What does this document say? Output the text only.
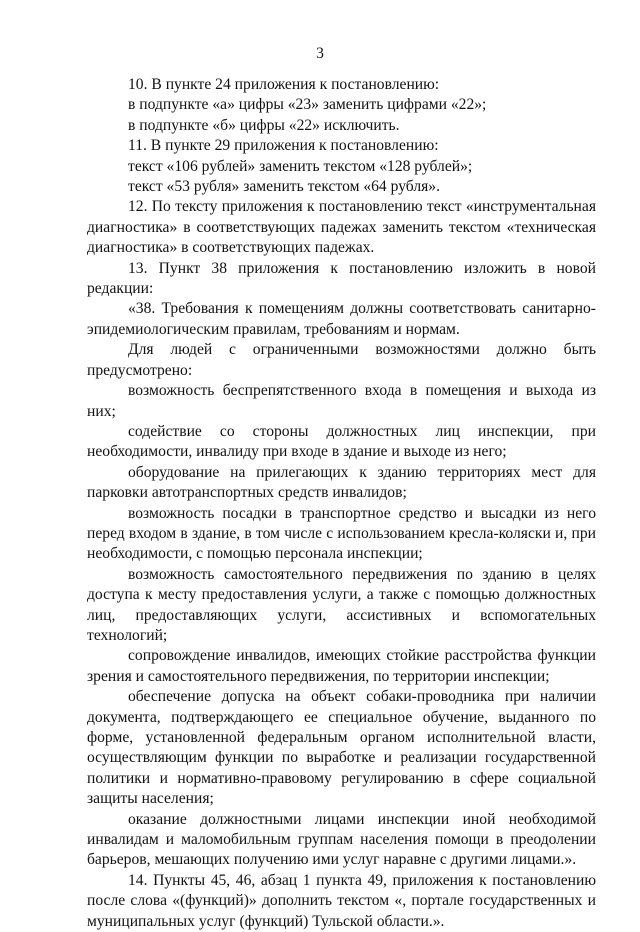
3

10. В пункте 24 приложения к постановлению:

в подпункте «а» цифры «23» заменить цифрами «22»;

в подпункте «б» цифры «22» исключить.

11. В пункте 29 приложения к постановлению:

текст «106 рублей» заменить текстом «128 рублей»;

текст «53 рубля» заменить текстом «64 рубля».

12. По тексту приложения к постановлению текст «инструментальная диагностика» в соответствующих падежах заменить текстом «техническая диагностика» в соответствующих падежах.

13. Пункт 38 приложения к постановлению изложить в новой редакции:

«38. Требования к помещениям должны соответствовать санитарно-эпидемиологическим правилам, требованиям и нормам.

Для людей с ограниченными возможностями должно быть предусмотрено:

возможность беспрепятственного входа в помещения и выхода из них;

содействие со стороны должностных лиц инспекции, при необходимости, инвалиду при входе в здание и выходе из него;

оборудование на прилегающих к зданию территориях мест для парковки автотранспортных средств инвалидов;

возможность посадки в транспортное средство и высадки из него перед входом в здание, в том числе с использованием кресла-коляски и, при необходимости, с помощью персонала инспекции;

возможность самостоятельного передвижения по зданию в целях доступа к месту предоставления услуги, а также с помощью должностных лиц, предоставляющих услуги, ассистивных и вспомогательных технологий;

сопровождение инвалидов, имеющих стойкие расстройства функции зрения и самостоятельного передвижения, по территории инспекции;

обеспечение допуска на объект собаки-проводника при наличии документа, подтверждающего ее специальное обучение, выданного по форме, установленной федеральным органом исполнительной власти, осуществляющим функции по выработке и реализации государственной политики и нормативно-правовому регулированию в сфере социальной защиты населения;

оказание должностными лицами инспекции иной необходимой инвалидам и маломобильным группам населения помощи в преодолении барьеров, мешающих получению ими услуг наравне с другими лицами.».

14. Пункты 45, 46, абзац 1 пункта 49, приложения к постановлению после слова «(функций)» дополнить текстом «, портале государственных и муниципальных услуг (функций) Тульской области.».
